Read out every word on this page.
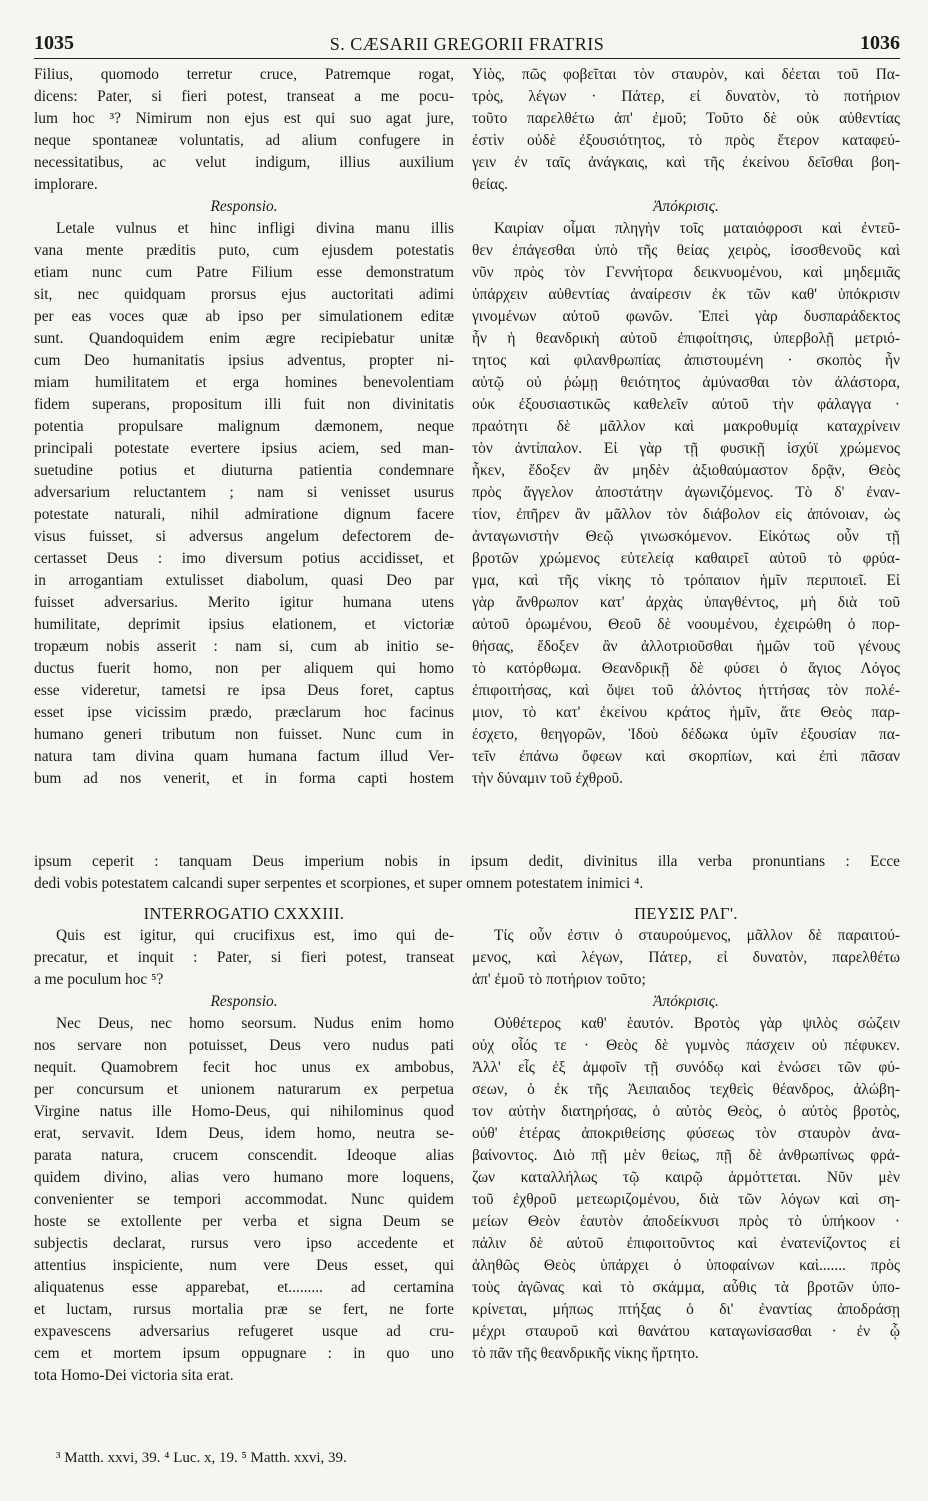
1035	S. CÆSARII GREGORII FRATRIS	1036
Filius, quomodo terretur cruce, Patremque rogat,
dicens: Pater, si fieri potest, transeat a me pocu-
lum hoc ³? Nimirum non ejus est qui suo agat jure,
neque spontaneæ voluntatis, ad alium confugere in
necessitatibus, ac velut indigum, illius auxilium
implorare.
Responsio.
Letale vulnus et hinc infligi divina manu illis
vana mente præditis puto, cum ejusdem potestatis
etiam nunc cum Patre Filium esse demonstratum
sit, nec quidquam prorsus ejus auctoritati adimi
per eas voces quæ ab ipso per simulationem editæ
sunt. Quandoquidem enim ægre recipiebatur unitæ
cum Deo humanitatis ipsius adventus, propter ni-
miam humilitatem et erga homines benevolentiam
fidem superans, propositum illi fuit non divinitatis
potentia propulsare malignum dæmonem, neque
principali potestate evertere ipsius aciem, sed man-
suetudine potius et diuturna patientia condemnare
adversarium reluctantem ; nam si venisset usurus
potestate naturali, nihil admiratione dignum facere
visus fuisset, si adversus angelum defectorem de-
certasset Deus : imo diversum potius accidisset, et
in arrogantiam extulisset diabolum, quasi Deo par
fuisset adversarius. Merito igitur humana utens
humilitate, deprimit ipsius elationem, et victoriæ
tropæum nobis asserit : nam si, cum ab initio se-
ductus fuerit homo, non per aliquem qui homo
esse videretur, tametsi re ipsa Deus foret, captus
esset ipse vicissim prædo, præclarum hoc facinus
humano generi tributum non fuisset. Nunc cum in
natura tam divina quam humana factum illud Ver-
bum ad nos venerit, et in forma capti hostem
Υἱὸς, πῶς φοβεῖται τὸν σταυρὸν, καὶ δέεται τοῦ Πα-
τρὸς, λέγων · Πάτερ, εἰ δυνατὸν, τὸ ποτήριον
τοῦτο παρελθέτω ἀπ' ἐμοῦ; Τοῦτο δὲ οὐκ αὐθεντίας
ἐστὶν οὐδὲ ἐξουσιότητος, τὸ πρὸς ἕτερον καταφεύ-
γειν ἐν ταῖς ἀνάγκαις, καὶ τῆς ἐκείνου δεῖσθαι βοη-
θείας.
Ἀπόκρισις.
Καιρίαν οἶμαι πληγὴν τοῖς ματαιόφροσι καὶ ἐντεῦ-
θεν ἐπάγεσθαι ὑπὸ τῆς θείας χειρὸς, ἰσοσθενοῦς καὶ
νῦν πρὸς τὸν Γεννήτορα δεικνυομένου, καὶ μηδεμιᾶς
ὑπάρχειν αὐθεντίας ἀναίρεσιν ἐκ τῶν καθ' ὑπόκρισιν
γινομένων αὐτοῦ φωνῶν. Ἐπεὶ γὰρ δυσπαράδεκτος
ἦν ἡ θεανδρικὴ αὐτοῦ ἐπιφοίτησις, ὑπερβολῇ μετριό-
τητος καὶ φιλανθρωπίας ἀπιστουμένη · σκοπὸς ἦν
αὐτῷ οὐ ῥώμῃ θειότητος ἀμύνασθαι τὸν ἀλάστορα,
οὐκ ἐξουσιαστικῶς καθελεῖν αὐτοῦ τὴν φάλαγγα ·
πραότητι δὲ μᾶλλον καὶ μακροθυμίᾳ καταχρίνειν
τὸν ἀντίπαλον. Εἰ γὰρ τῇ φυσικῇ ἰσχύϊ χρώμενος
ἧκεν, ἔδοξεν ἂν μηδὲν ἀξιοθαύμαστον δρᾷν, Θεὸς
πρὸς ἄγγελον ἀποστάτην ἀγωνιζόμενος. Τὸ δ' ἐναν-
τίον, ἐπῆρεν ἂν μᾶλλον τὸν διάβολον εἰς ἀπόνοιαν, ὡς
ἀνταγωνιστὴν Θεῷ γινωσκόμενον. Εἰκότως οὖν τῇ
βροτῶν χρώμενος εὐτελείᾳ καθαιρεῖ αὐτοῦ τὸ φρύα-
γμα, καὶ τῆς νίκης τὸ τρόπαιον ἡμῖν περιποιεῖ. Εἰ
γὰρ ἄνθρωπον κατ' ἀρχὰς ὑπαγθέντος, μὴ διὰ τοῦ
αὐτοῦ ὁρωμένου, Θεοῦ δὲ νοουμένου, ἐχειρώθη ὁ πορ-
θήσας, ἔδοξεν ἂν ἀλλοτριοῦσθαι ἡμῶν τοῦ γένους
τὸ κατόρθωμα. Θεανδρικῇ δὲ φύσει ὁ ἅγιος Λόγος
ἐπιφοιτήσας, καὶ ὄψει τοῦ ἁλόντος ἡττήσας τὸν πολέ-
μιον, τὸ κατ' ἐκείνου κράτος ἡμῖν, ἅτε Θεὸς παρ-
έσχετο, θεηγορῶν, Ἰδοὺ δέδωκα ὑμῖν ἐξουσίαν πα-
τεῖν ἐπάνω ὄφεων καὶ σκορπίων, καὶ ἐπὶ πᾶσαν
τὴν δύναμιν τοῦ ἐχθροῦ.
ipsum ceperit : tanquam Deus imperium nobis in ipsum dedit, divinitus illa verba pronuntians : Ecce
dedi vobis potestatem calcandi super serpentes et scorpiones, et super omnem potestatem inimici ⁴.
INTERROGATIO CXXXIII.
Quis est igitur, qui crucifixus est, imo qui de-
precatur, et inquit : Pater, si fieri potest, transeat
a me poculum hoc ⁵?
Responsio.
Nec Deus, nec homo seorsum. Nudus enim homo
nos servare non potuisset, Deus vero nudus pati
nequit. Quamobrem fecit hoc unus ex ambobus,
per concursum et unionem naturarum ex perpetua
Virgine natus ille Homo-Deus, qui nihilominus quod
erat, servavit. Idem Deus, idem homo, neutra se-
parata natura, crucem conscendit. Ideoque alias
quidem divino, alias vero humano more loquens,
convenienter se tempori accommodat. Nunc quidem
hoste se extollente per verba et signa Deum se
subjectis declarat, rursus vero ipso accedente et
attentius inspiciente, num vere Deus esset, qui
aliquatenus esse apparebat, et......... ad certamina
et luctam, rursus mortalia præ se fert, ne forte
expavescens adversarius refugeret usque ad cru-
cem et mortem ipsum oppugnare : in quo uno
tota Homo-Dei victoria sita erat.
ΠΕΥΣΙΣ ΡΛΓ'.
Τίς οὖν ἐστιν ὁ σταυρούμενος, μᾶλλον δὲ παραιτού-
μενος, καὶ λέγων, Πάτερ, εἰ δυνατὸν, παρελθέτω
ἀπ' ἐμοῦ τὸ ποτήριον τοῦτο;
Ἀπόκρισις.
Οὐθέτερος καθ' ἑαυτόν. Βροτὸς γὰρ ψιλὸς σώζειν
οὐχ οἷός τε · Θεὸς δὲ γυμνὸς πάσχειν οὐ πέφυκεν.
Ἀλλ' εἷς ἐξ ἀμφοῖν τῇ συνόδῳ καὶ ἑνώσει τῶν φύ-
σεων, ὁ ἐκ τῆς Ἀειπαιδος τεχθεὶς θέανδρος, ἀλώβη-
τον αὐτὴν διατηρήσας, ὁ αὐτὸς Θεὸς, ὁ αὐτὸς βροτὸς,
οὐθ' ἑτέρας ἀποκριθείσης φύσεως τὸν σταυρὸν ἀνα-
βαίνοντος. Διὸ πῇ μὲν θείως, πῇ δὲ ἀνθρωπίνως φρά-
ζων καταλλήλως τῷ καιρῷ ἁρμόττεται. Νῦν μὲν
τοῦ ἐχθροῦ μετεωριζομένου, διὰ τῶν λόγων καὶ ση-
μείων Θεὸν ἑαυτὸν ἀποδείκνυσι πρὸς τὸ ὑπήκοον ·
πάλιν δὲ αὐτοῦ ἐπιφοιτοῦντος καὶ ἐνατενίζοντος εἰ
ἀληθῶς Θεὸς ὑπάρχει ὁ ὑποφαίνων καὶ....... πρὸς
τοὺς ἀγῶνας καὶ τὸ σκάμμα, αὖθις τὰ βροτῶν ὑπο-
κρίνεται, μήπως πτήξας ὁ δι' ἐναντίας ἀποδράσῃ
μέχρι σταυροῦ καὶ θανάτου καταγωνίσασθαι · ἐν ᾧ
τὸ πᾶν τῆς θεανδρικῆς νίκης ἤρτητο.
³ Matth. xxvi, 39. ⁴ Luc. x, 19. ⁵ Matth. xxvi, 39.
